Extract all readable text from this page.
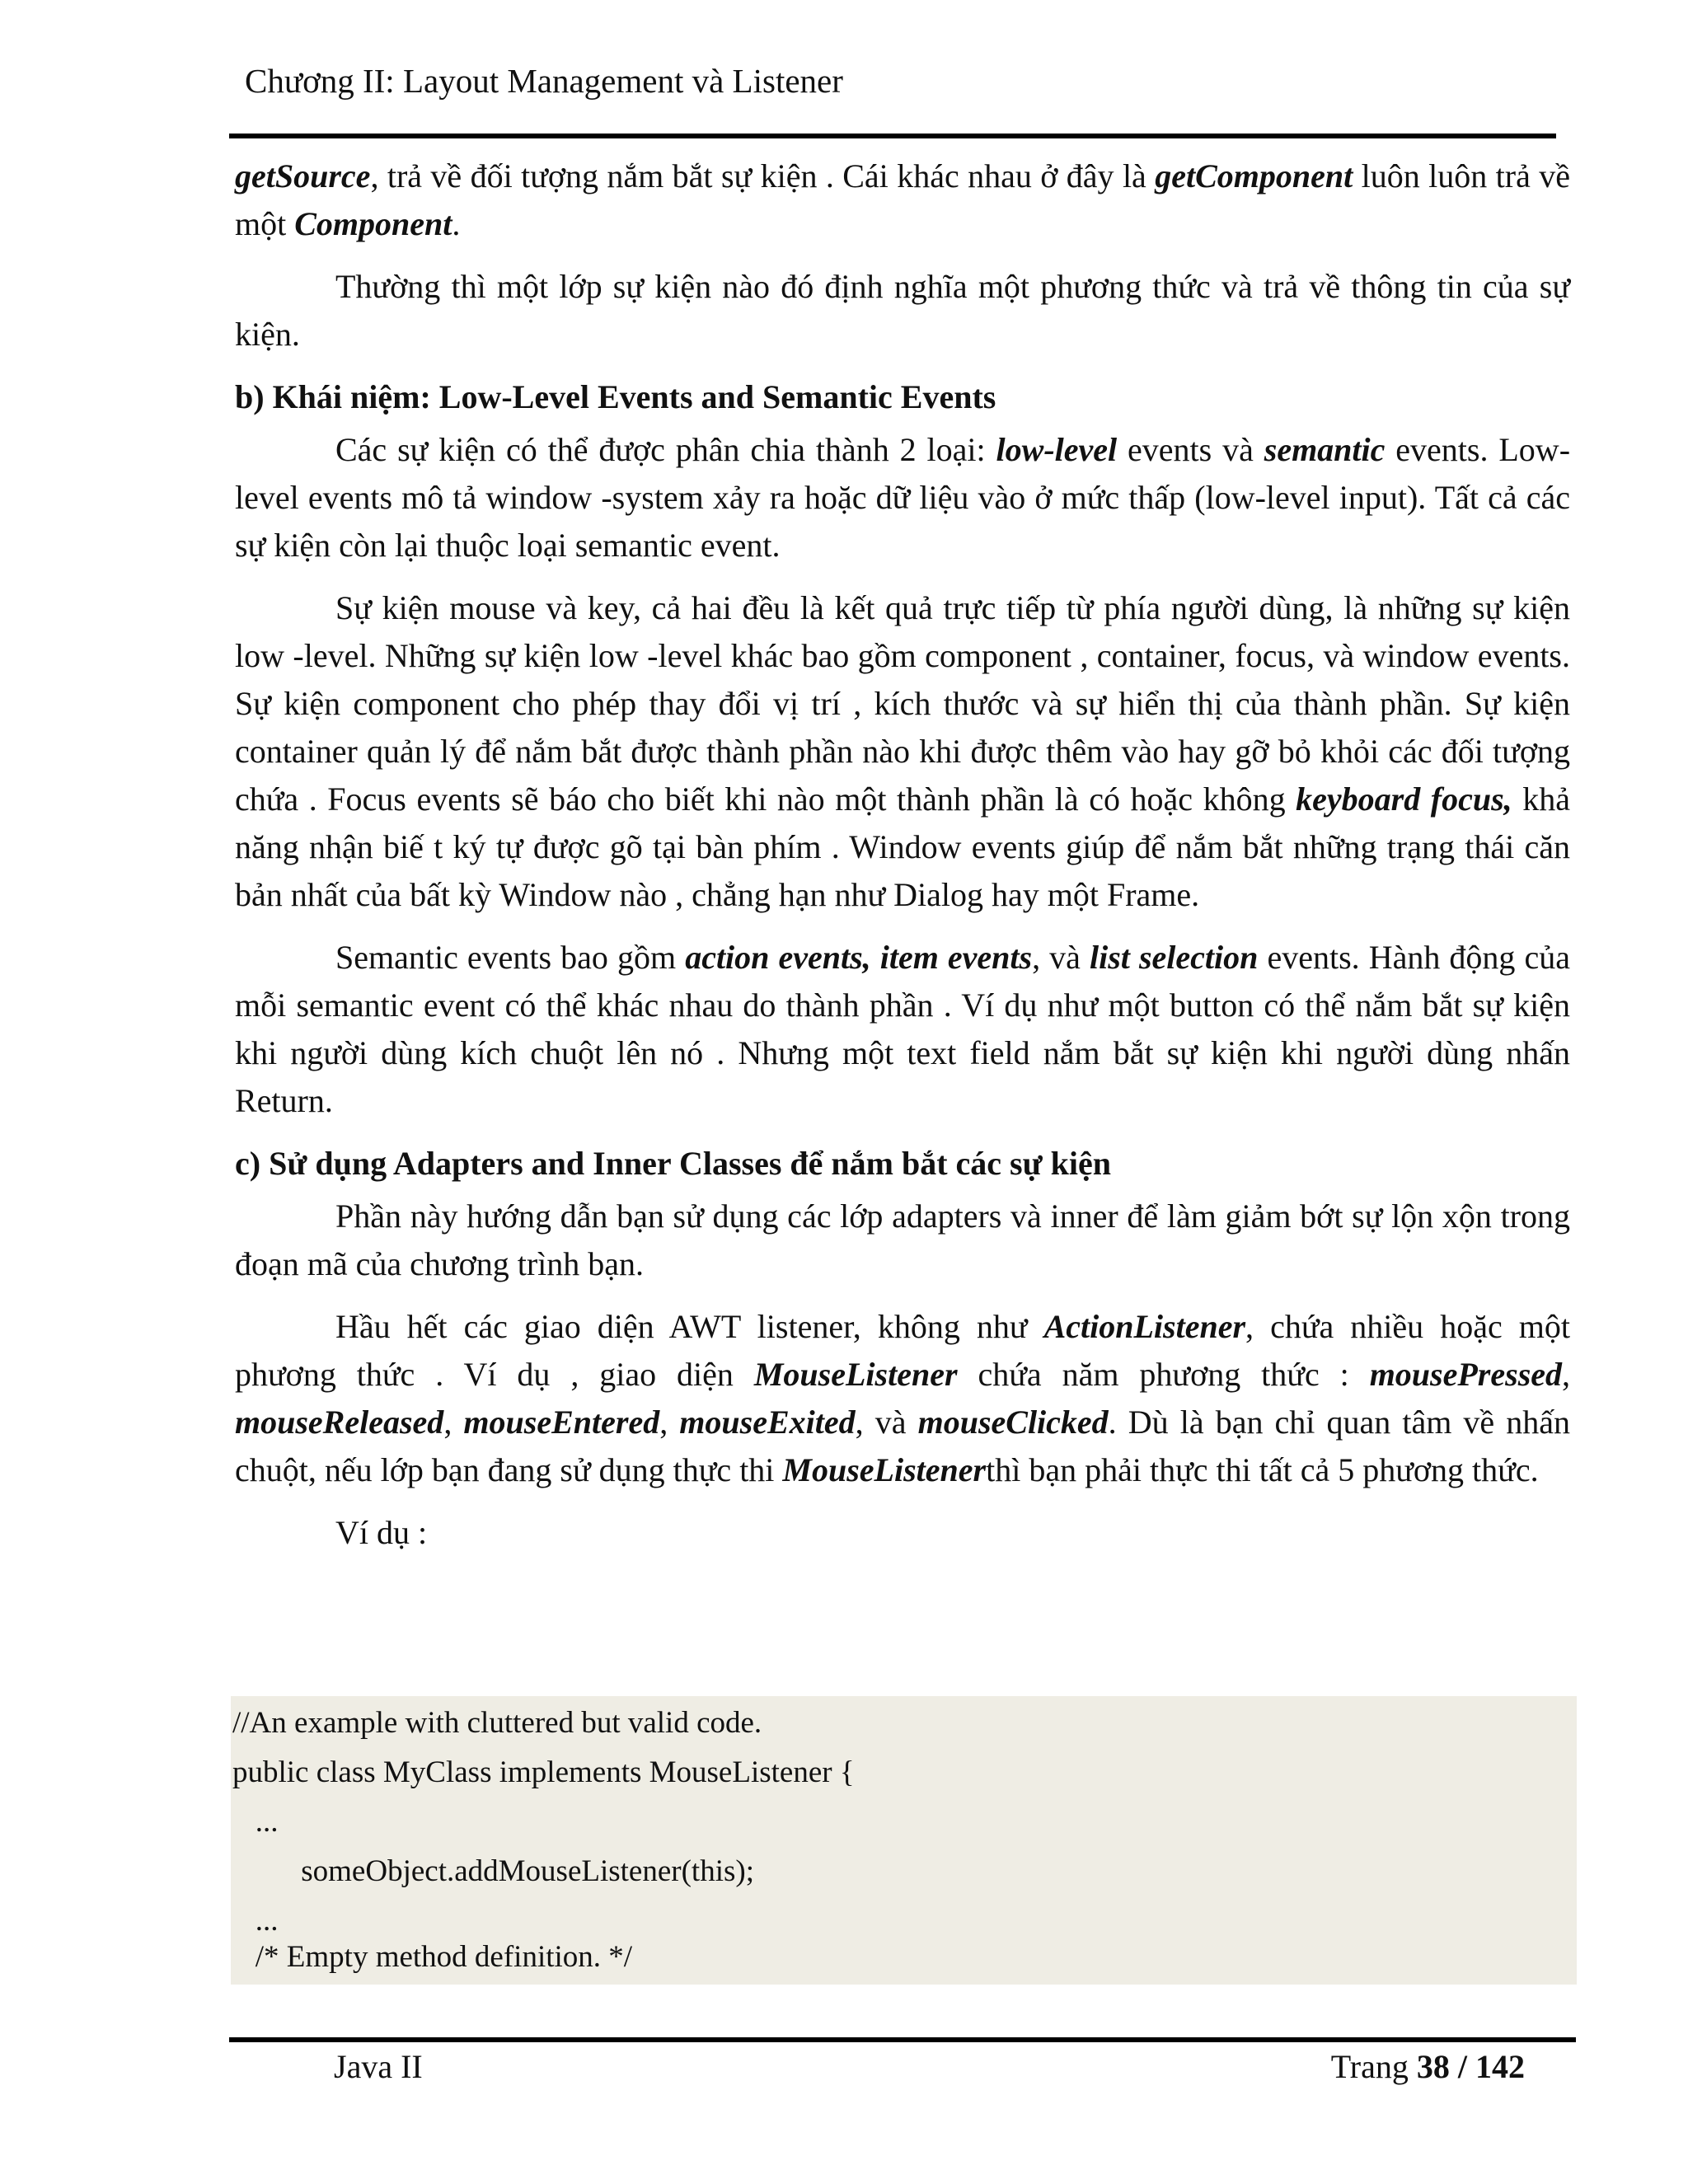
Chương II: Layout Management và Listener

getSource, trả về đối tượng nắm bắt sự kiện . Cái khác nhau ở đây là getComponent luôn luôn trả về một Component.

Thường thì một lớp sự kiện nào đó định nghĩa một phương thức và trả về thông tin của sự kiện.

b) Khái niệm: Low-Level Events and Semantic Events

Các sự kiện có thể được phân chia thành 2 loại: low-level events và semantic events. Low-level events mô tả window -system xảy ra hoặc dữ liệu vào ở mức thấp (low-level input). Tất cả các sự kiện còn lại thuộc loại semantic event.

Sự kiện mouse và key, cả hai đều là kết quả trực tiếp từ phía người dùng, là những sự kiện low -level. Những sự kiện low -level khác bao gồm component , container, focus, và window events. Sự kiện component cho phép thay đổi vị trí , kích thước và sự hiển thị của thành phần. Sự kiện container quản lý để nắm bắt được thành phần nào khi được thêm vào hay gỡ bỏ khỏi các đối tượng chứa . Focus events sẽ báo cho biết khi nào một thành phần là có hoặc không keyboard focus, khả năng nhận biế t ký tự được gõ tại bàn phím . Window events giúp để nắm bắt những trạng thái căn bản nhất của bất kỳ Window nào , chẳng hạn như Dialog hay một Frame.

Semantic events bao gồm action events, item events, và list selection events. Hành động của mỗi semantic event có thể khác nhau do thành phần . Ví dụ như một button có thể nắm bắt sự kiện khi người dùng kích chuột lên nó . Nhưng một text field nắm bắt sự kiện khi người dùng nhấn Return.

c) Sử dụng Adapters and Inner Classes để nắm bắt các sự kiện

Phần này hướng dẫn bạn sử dụng các lớp adapters và inner để làm giảm bớt sự lộn xộn trong đoạn mã của chương trình bạn.

Hầu hết các giao diện AWT listener, không như ActionListener, chứa nhiều hoặc một phương thức . Ví dụ , giao diện MouseListener chứa năm phương thức : mousePressed, mouseReleased, mouseEntered, mouseExited, và mouseClicked. Dù là bạn chỉ quan tâm về nhấn chuột, nếu lớp bạn đang sử dụng thực thi MouseListenerthì bạn phải thực thi tất cả 5 phương thức.

Ví dụ :

//An example with cluttered but valid code.
public class MyClass implements MouseListener {
...
someObject.addMouseListener(this);
...
/* Empty method definition. */
Java II	Trang 38 / 142
